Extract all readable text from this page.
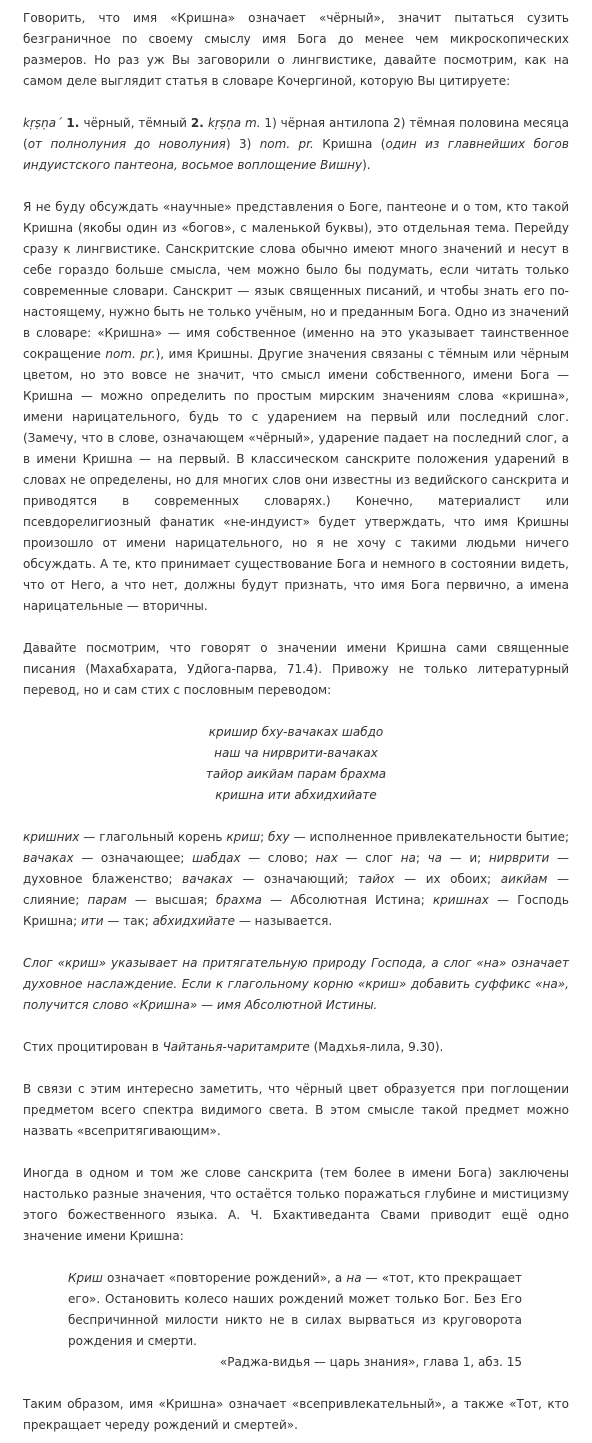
Говорить, что имя «Кришна» означает «чёрный», значит пытаться сузить безграничное по своему смыслу имя Бога до менее чем микроскопических размеров. Но раз уж Вы заговорили о лингвистике, давайте посмотрим, как на самом деле выглядит статья в словаре Кочергиной, которую Вы цитируете:

kṛṣṇa´ 1. чёрный, тёмный 2. kṛṣṇa m. 1) чёрная антилопа 2) тёмная половина месяца (от полнолуния до новолуния) 3) nom. pr. Кришна (один из главнейших богов индуистского пантеона, восьмое воплощение Вишну).

Я не буду обсуждать «научные» представления о Боге, пантеоне и о том, кто такой Кришна (якобы один из «богов», с маленькой буквы), это отдельная тема. Перейду сразу к лингвистике. Санскритские слова обычно имеют много значений и несут в себе гораздо больше смысла, чем можно было бы подумать, если читать только современные словари. Санскрит — язык священных писаний, и чтобы знать его по-настоящему, нужно быть не только учёным, но и преданным Бога. Одно из значений в словаре: «Кришна» — имя собственное (именно на это указывает таинственное сокращение nom. pr.), имя Кришны. Другие значения связаны с тёмным или чёрным цветом, но это вовсе не значит, что смысл имени собственного, имени Бога — Кришна — можно определить по простым мирским значениям слова «кришна», имени нарицательного, будь то с ударением на первый или последний слог. (Замечу, что в слове, означающем «чёрный», ударение падает на последний слог, а в имени Кришна — на первый. В классическом санскрите положения ударений в словах не определены, но для многих слов они известны из ведийского санскрита и приводятся в современных словарях.) Конечно, материалист или псевдорелигиозный фанатик «не-индуист» будет утверждать, что имя Кришны произошло от имени нарицательного, но я не хочу с такими людьми ничего обсуждать. А те, кто принимает существование Бога и немного в состоянии видеть, что от Него, а что нет, должны будут признать, что имя Бога первично, а имена нарицательные — вторичны.

Давайте посмотрим, что говорят о значении имени Кришна сами священные писания (Махабхарата, Удйога-парва, 71.4). Привожу не только литературный перевод, но и сам стих с пословным переводом:

кришир бху-вачаках шабдо
наш ча нирврити-вачаках
тайор аикйам парам брахма
кришна ити абхидхийате

кришних — глагольный корень криш; бху — исполненное привлекательности бытие; вачаках — означающее; шабдах — слово; нах — слог на; ча — и; нирврити — духовное блаженство; вачаках — означающий; тайох — их обоих; аикйам — слияние; парам — высшая; брахма — Абсолютная Истина; кришнах — Господь Кришна; ити — так; абхидхийате — называется.

Слог «криш» указывает на притягательную природу Господа, а слог «на» означает духовное наслаждение. Если к глагольному корню «криш» добавить суффикс «на», получится слово «Кришна» — имя Абсолютной Истины.

Стих процитирован в Чайтанья-чаритамрите (Мадхья-лила, 9.30).

В связи с этим интересно заметить, что чёрный цвет образуется при поглощении предметом всего спектра видимого света. В этом смысле такой предмет можно назвать «всепритягивающим».

Иногда в одном и том же слове санскрита (тем более в имени Бога) заключены настолько разные значения, что остаётся только поражаться глубине и мистицизму этого божественного языка. А. Ч. Бхактиведанта Свами приводит ещё одно значение имени Кришна:

Криш означает «повторение рождений», а на — «тот, кто прекращает его». Остановить колесо наших рождений может только Бог. Без Его беспричинной милости никто не в силах вырваться из круговорота рождения и смерти.
«Раджа-видья — царь знания», глава 1, абз. 15

Таким образом, имя «Кришна» означает «всепривлекательный», а также «Тот, кто прекращает череду рождений и смертей».
